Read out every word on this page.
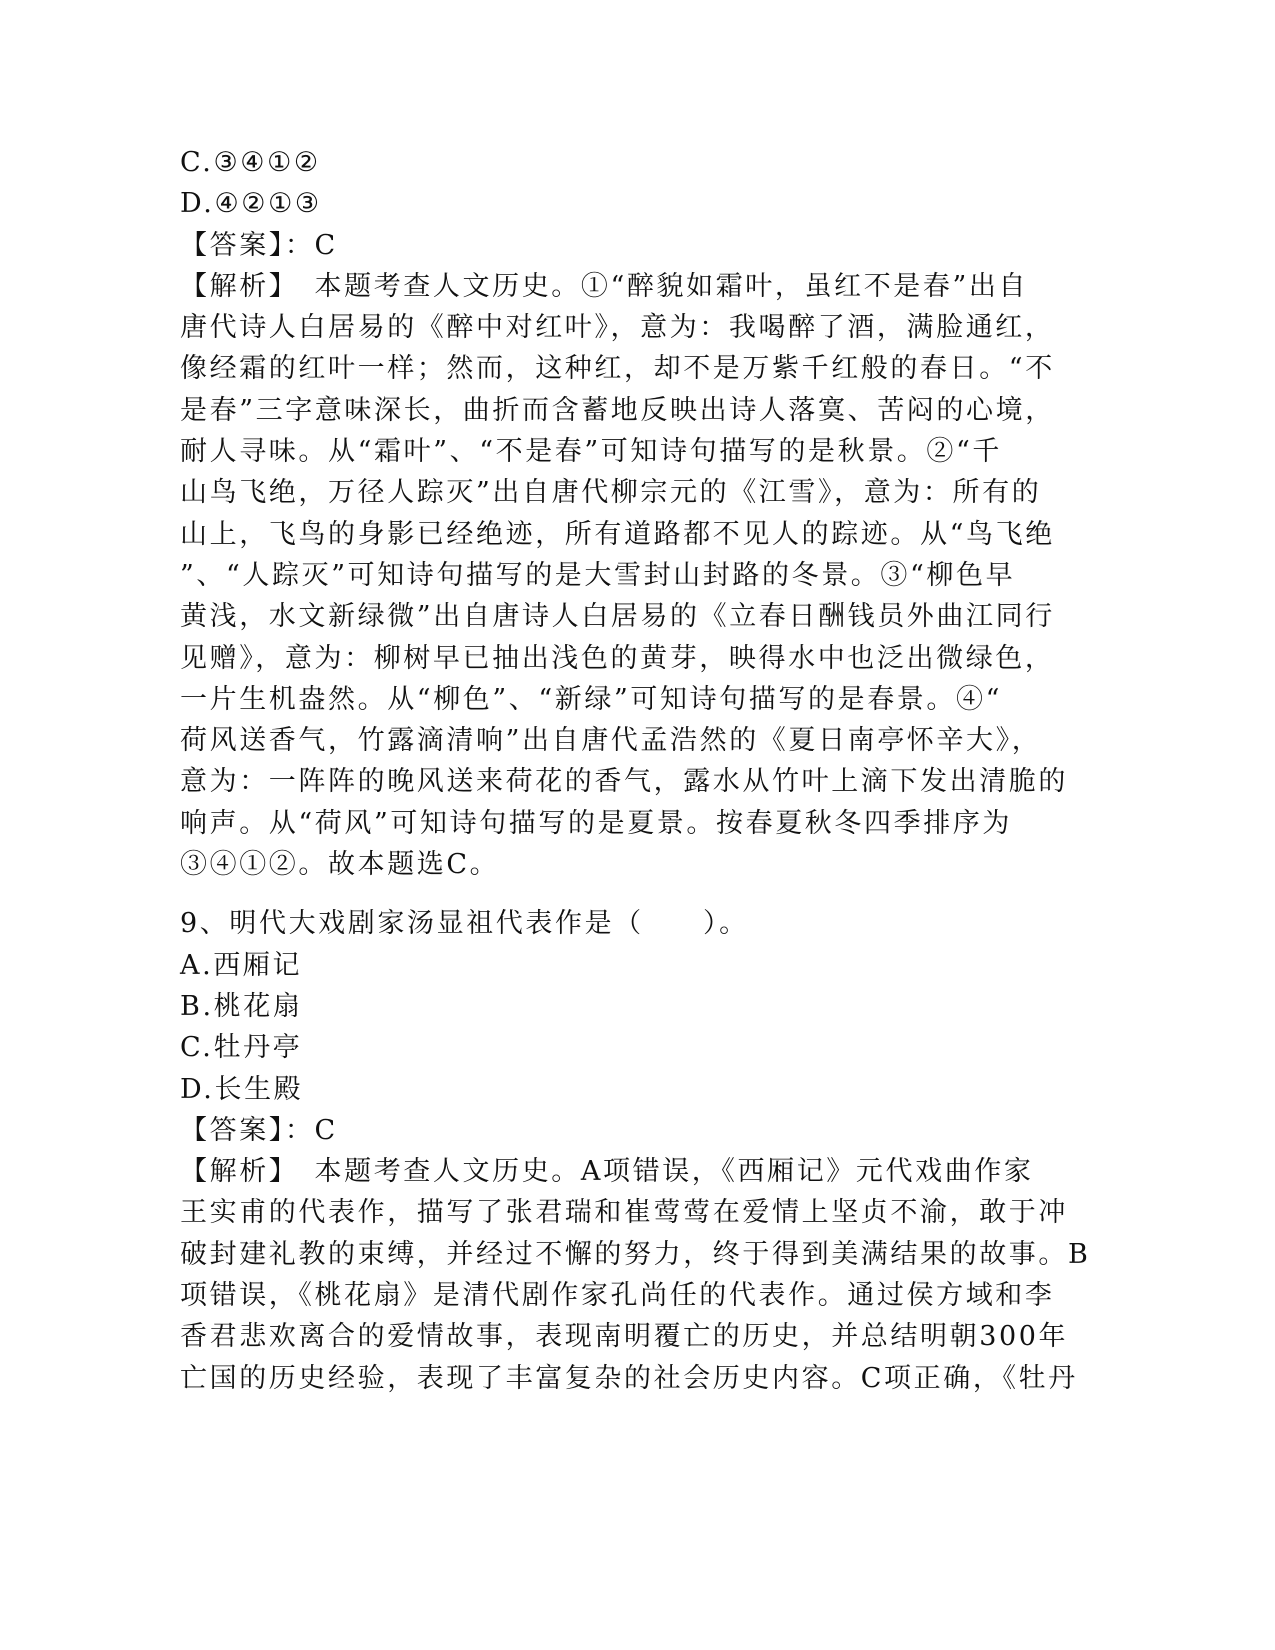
C.③④①②
D.④②①③
【答案】：C
【解析】　本题考查人文历史。①“醉貌如霜叶，虽红不是春”出自
唐代诗人白居易的《醉中对红叶》，意为：我喝醉了酒，满脸通红，
像经霜的红叶一样；然而，这种红，却不是万紫千红般的春日。“不
是春”三字意味深长，曲折而含蓄地反映出诗人落寞、苦闷的心境，
耐人寻味。从“霜叶”、“不是春”可知诗句描写的是秋景。②“千
山鸟飞绝，万径人踪灭”出自唐代柳宗元的《江雪》，意为：所有的
山上，飞鸟的身影已经绝迹，所有道路都不见人的踪迹。从“鸟飞绝
”、“人踪灭”可知诗句描写的是大雪封山封路的冬景。③“柳色早
黄浅，水文新绿微”出自唐诗人白居易的《立春日酬钱员外曲江同行
见赠》，意为：柳树早已抽出浅色的黄芽，映得水中也泛出微绿色，
一片生机盎然。从“柳色”、“新绿”可知诗句描写的是春景。④“
荷风送香气，竹露滴清响”出自唐代孟浩然的《夏日南亭怀辛大》，
意为：一阵阵的晚风送来荷花的香气，露水从竹叶上滴下发出清脆的
响声。从“荷风”可知诗句描写的是夏景。按春夏秋冬四季排序为
③④①②。故本题选C。
9、明代大戏剧家汤显祖代表作是（　　）。
A.西厢记
B.桃花扇
C.牡丹亭
D.长生殿
【答案】：C
【解析】　本题考查人文历史。A项错误，《西厢记》元代戏曲作家
王实甫的代表作，描写了张君瑞和崔莺莺在爱情上坚贞不渝，敢于冲
破封建礼教的束缚，并经过不懈的努力，终于得到美满结果的故事。B
项错误，《桃花扇》是清代剧作家孔尚任的代表作。通过侯方域和李
香君悲欢离合的爱情故事，表现南明覆亡的历史，并总结明朝300年
亡国的历史经验，表现了丰富复杂的社会历史内容。C项正确，《牡丹
